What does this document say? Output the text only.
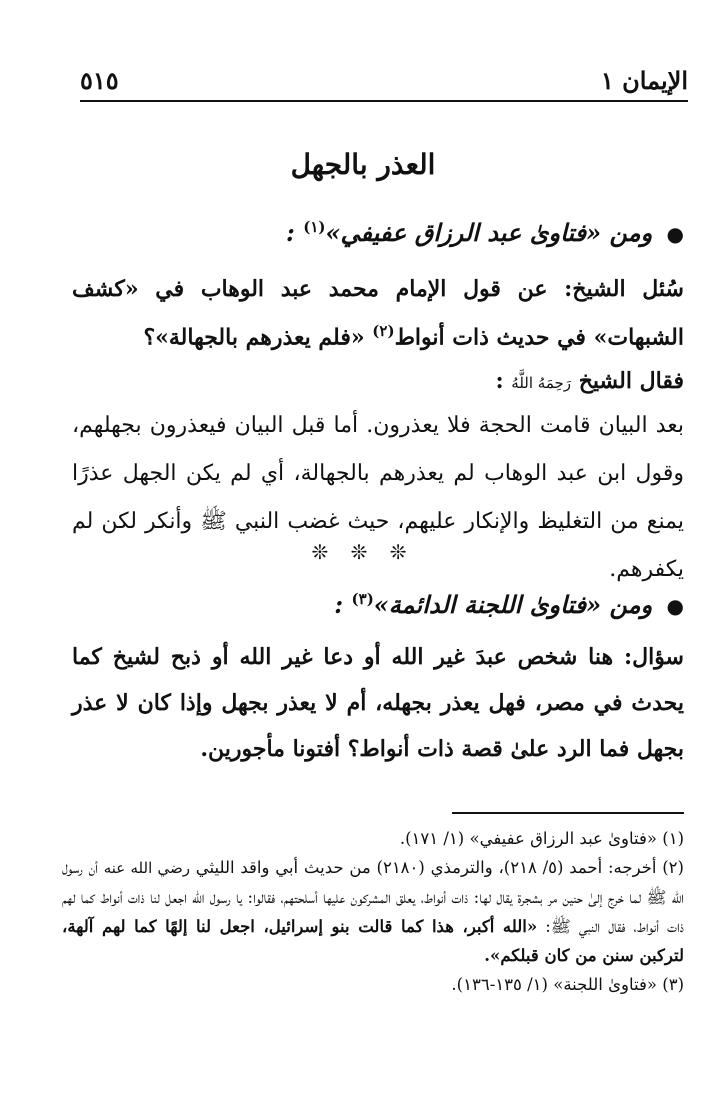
الإيمان ١
٥١٥
العذر بالجهل
● ومن «فتاوىٰ عبد الرزاق عفيفي»$^{(١)}$ :
سُئل الشيخ: عن قول الإمام محمد عبد الوهاب في «كشف الشبهات» في حديث ذات أنواط$^{(٢)}$ «فلم يعذرهم بالجهالة»؟
فقال الشيخ رَحِمَهُ اللَّهُ :
بعد البيان قامت الحجة فلا يعذرون. أما قبل البيان فيعذرون بجهلهم، وقول ابن عبد الوهاب لم يعذرهم بالجهالة، أي لم يكن الجهل عذرًا يمنع من التغليظ والإنكار عليهم، حيث غضب النبي ﷺ وأنكر لكن لم يكفرهم.
❊ ❊ ❊
● ومن «فتاوىٰ اللجنة الدائمة»$^{(٣)}$ :
سؤال: هنا شخص عبدَ غير الله أو دعا غير الله أو ذبح لشيخ كما يحدث في مصر، فهل يعذر بجهله، أم لا يعذر بجهل وإذا كان لا عذر بجهل فما الرد علىٰ قصة ذات أنواط؟ أفتونا مأجورين.

(١) «فتاوىٰ عبد الرزاق عفيفي» (١/ ١٧١).

(٢) أخرجه: أحمد (٥/ ٢١٨)، والترمذي (٢١٨٠) من حديث أبي واقد الليثي رضي الله عنه أن رسول الله ﷺ لما خرج إلىٰ حنين مر بشجرة يقال لها: ذات أنواط، يعلق المشركون عليها أسلحتهم، فقالوا: يا رسول الله اجعل لنا ذات أنواط كما لهم ذات أنواط، فقال النبي ﷺ: «الله أكبر، هذا كما قالت بنو إسرائيل، اجعل لنا إلهًا كما لهم آلهة، لتركبن سنن من كان قبلكم».

(٣) «فتاوىٰ اللجنة» (١/ ١٣٥-١٣٦).
